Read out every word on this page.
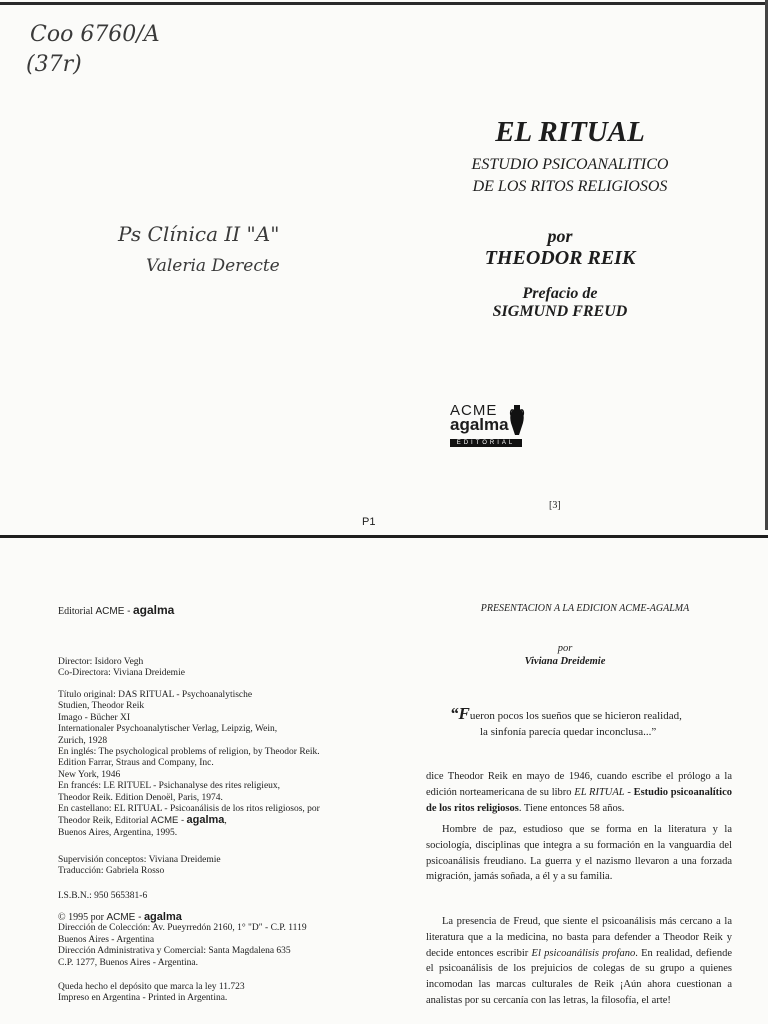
Coo 6760/A
(37r)
Ps Clínica II "A"
Valeria Derecte
EL RITUAL
ESTUDIO PSICOANALITICO
DE LOS RITOS RELIGIOSOS
por
THEODOR REIK
Prefacio de
SIGMUND FREUD
ACME
agalma
EDITORIAL
[3]
P1
Editorial ACME - agalma
Director: Isidoro Vegh
Co-Directora: Viviana Dreidemie
Título original: DAS RITUAL - Psychoanalytische
Studien, Theodor Reik
Imago - Bücher XI
Internationaler Psychoanalytischer Verlag, Leipzig, Wein,
Zurich, 1928
En inglés: The psychological problems of religion, by Theodor Reik.
Edition Farrar, Straus and Company, Inc.
New York, 1946
En francés: LE RITUEL - Psichanalyse des rites religieux,
Theodor Reik. Edition Denoël, Paris, 1974.
En castellano: EL RITUAL - Psicoanálisis de los ritos religiosos, por
Theodor Reik, Editorial ACME - agalma,
Buenos Aires, Argentina, 1995.
Supervisión conceptos: Viviana Dreidemie
Traducción: Gabriela Rosso
I.S.B.N.: 950 565381-6
© 1995 por ACME - agalma
Dirección de Colección: Av. Pueyrredón 2160, 1° "D" - C.P. 1119
Buenos Aires - Argentina
Dirección Administrativa y Comercial: Santa Magdalena 635
C.P. 1277, Buenos Aires - Argentina.
Queda hecho el depósito que marca la ley 11.723
Impreso en Argentina - Printed in Argentina.
PRESENTACION A LA EDICION ACME-AGALMA
por
Viviana Dreidemie
“Fueron pocos los sueños que se hicieron realidad,
la sinfonía parecía quedar inconclusa...”
dice Theodor Reik en mayo de 1946, cuando escribe el prólogo a la edición norteamericana de su libro EL RITUAL - Estudio psicoanalítico de los ritos religiosos. Tiene entonces 58 años.
Hombre de paz, estudioso que se forma en la literatura y la sociología, disciplinas que integra a su formación en la vanguardia del psicoanálisis freudiano. La guerra y el nazismo llevaron a una forzada migración, jamás soñada, a él y a su familia.
La presencia de Freud, que siente el psicoanálisis más cercano a la literatura que a la medicina, no basta para defender a Theodor Reik y decide entonces escribir El psicoanálisis profano. En realidad, defiende el psicoanálisis de los prejuicios de colegas de su grupo a quienes incomodan las marcas culturales de Reik ¡Aún ahora cuestionan a analistas por su cercanía con las letras, la filosofía, el arte!
